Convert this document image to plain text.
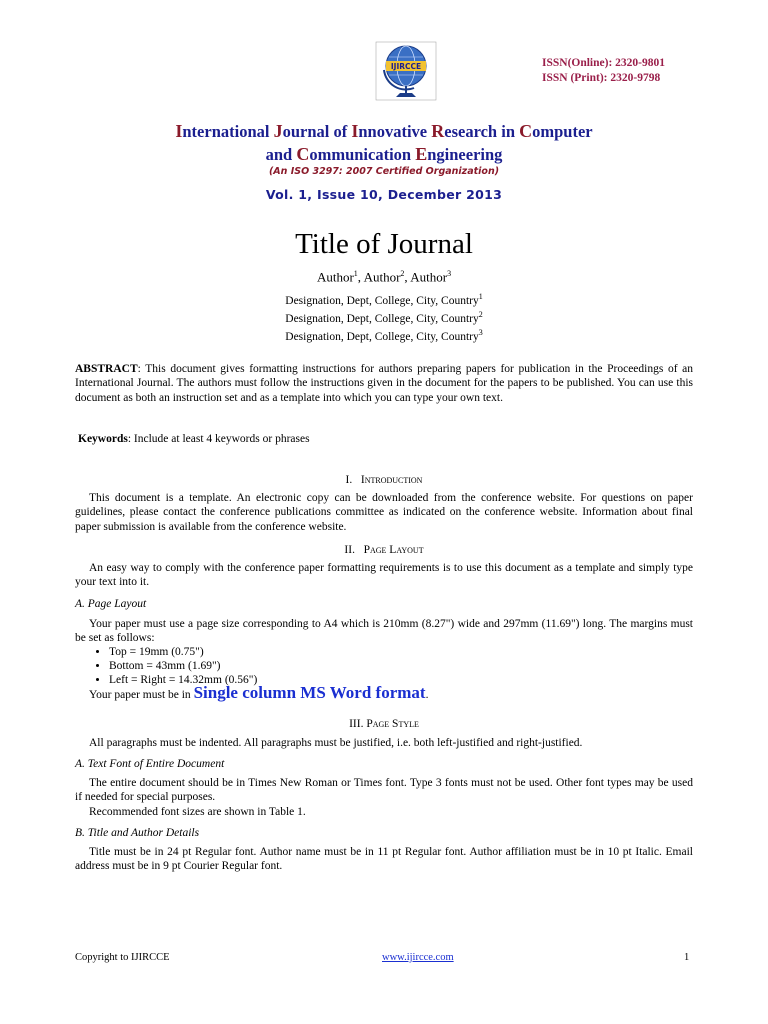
IJIRCCE	ISSN(Online): 2320-9801
ISSN (Print): 2320-9798
International Journal of Innovative Research in Computer
and Communication Engineering
(An ISO 3297: 2007 Certified Organization)
Vol. 1, Issue 10, December 2013
Title of Journal
Author$^1$, Author$^2$, Author$^3$
Designation, Dept, College, City, Country$^1$
Designation, Dept, College, City, Country$^2$
Designation, Dept, College, City, Country$^3$
ABSTRACT: This document gives formatting instructions for authors preparing papers for publication in the Proceedings of an International Journal. The authors must follow the instructions given in the document for the papers to be published. You can use this document as both an instruction set and as a template into which you can type your own text.
Keywords: Include at least 4 keywords or phrases
I. Introduction
This document is a template. An electronic copy can be downloaded from the conference website. For questions on paper guidelines, please contact the conference publications committee as indicated on the conference website. Information about final paper submission is available from the conference website.
II. Page Layout
An easy way to comply with the conference paper formatting requirements is to use this document as a template and simply type your text into it.
A. Page Layout
Your paper must use a page size corresponding to A4 which is 210mm (8.27") wide and 297mm (11.69") long. The margins must be set as follows:
• Top = 19mm (0.75")
• Bottom = 43mm (1.69")
• Left = Right = 14.32mm (0.56")
Your paper must be in Single column MS Word format.
III. Page Style
All paragraphs must be indented. All paragraphs must be justified, i.e. both left-justified and right-justified.
A. Text Font of Entire Document
The entire document should be in Times New Roman or Times font. Type 3 fonts must not be used. Other font types may be used if needed for special purposes.
Recommended font sizes are shown in Table 1.
B. Title and Author Details
Title must be in 24 pt Regular font. Author name must be in 11 pt Regular font. Author affiliation must be in 10 pt Italic. Email address must be in 9 pt Courier Regular font.
Copyright to IJIRCCE	www.ijircce.com	1
